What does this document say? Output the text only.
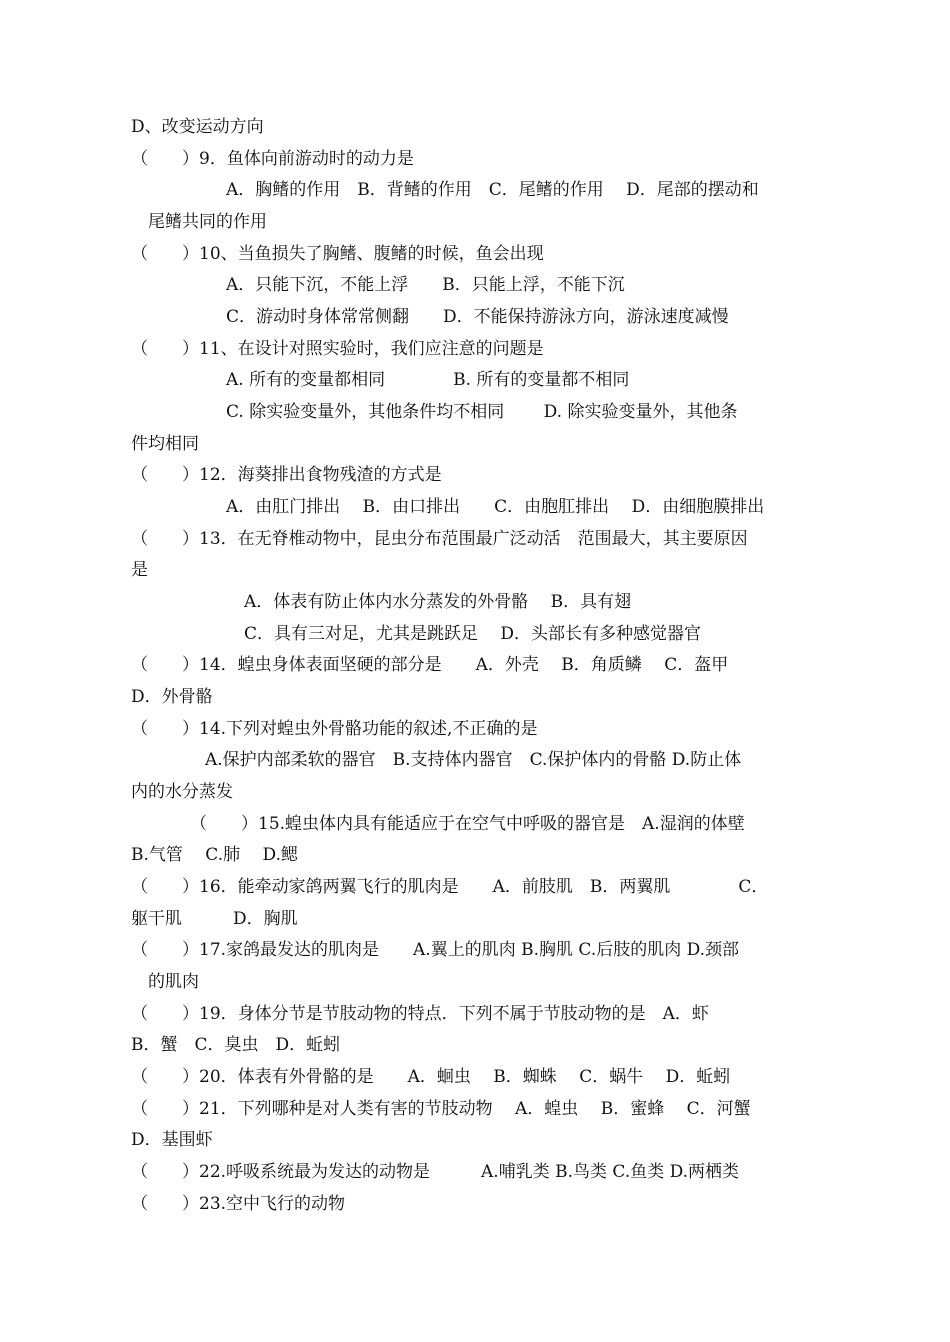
D、改变运动方向
（　　）9．鱼体向前游动时的动力是
A．胸鳍的作用　B．背鳍的作用　C．尾鳍的作用　 D．尾部的摆动和
尾鳍共同的作用
（　　）10、当鱼损失了胸鳍、腹鳍的时候，鱼会出现
A．只能下沉，不能上浮　　B．只能上浮，不能下沉
C．游动时身体常常侧翻　　D．不能保持游泳方向，游泳速度减慢
（　　）11、在设计对照实验时，我们应注意的问题是
A. 所有的变量都相同　　　　B. 所有的变量都不相同
C. 除实验变量外，其他条件均不相同　　 D. 除实验变量外，其他条
件均相同
（　　）12．海葵排出食物残渣的方式是
A．由肛门排出　 B．由口排出　　C．由胞肛排出　 D．由细胞膜排出
（　　）13．在无脊椎动物中，昆虫分布范围最广泛动活　范围最大，其主要原因
是
A．体表有防止体内水分蒸发的外骨骼　 B．具有翅
C．具有三对足，尤其是跳跃足　 D．头部长有多种感觉器官
（　　）14．蝗虫身体表面坚硬的部分是　　A．外壳　 B．角质鳞　 C．盔甲
D．外骨骼
（　　）14.下列对蝗虫外骨骼功能的叙述,不正确的是
A.保护内部柔软的器官　B.支持体内器官　C.保护体内的骨骼 D.防止体
内的水分蒸发
（　　）15.蝗虫体内具有能适应于在空气中呼吸的器官是　A.湿润的体壁
B.气管　 C.肺　 D.鳃
（　　）16．能牵动家鸽两翼飞行的肌肉是　　A．前肢肌　B．两翼肌　　　　C．
躯干肌　　　D．胸肌
（　　）17.家鸽最发达的肌肉是　　A.翼上的肌肉 B.胸肌 C.后肢的肌肉 D.颈部
的肌肉
（　　）19．身体分节是节肢动物的特点．下列不属于节肢动物的是　A．虾
B．蟹　C．臭虫　D．蚯蚓
（　　）20．体表有外骨骼的是　　A．蛔虫　 B．蜘蛛　 C．蜗牛　 D．蚯蚓
（　　）21．下列哪种是对人类有害的节肢动物　 A．蝗虫　 B．蜜蜂　 C．河蟹
D．基围虾
（　　）22.呼吸系统最为发达的动物是　　　A.哺乳类 B.鸟类 C.鱼类 D.两栖类
（　　）23.空中飞行的动物
